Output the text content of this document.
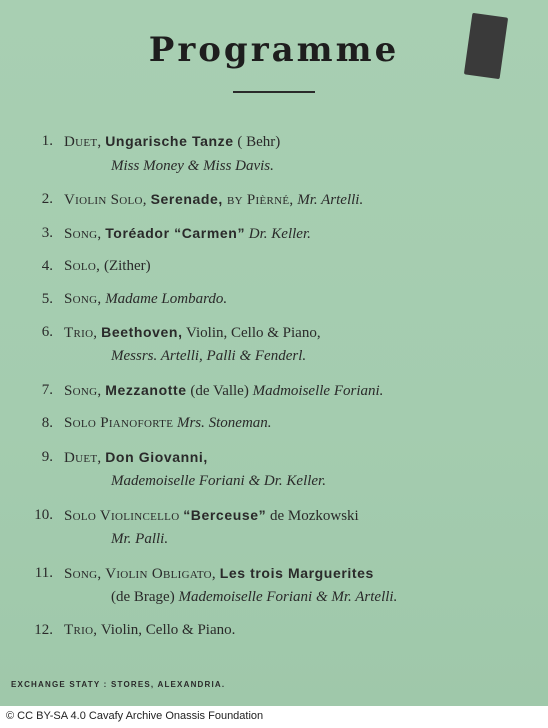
Programme
1. Duet, Ungarische Tanze ( Behr)
Miss Money & Miss Davis.
2. Violin Solo, Serenade, by Pièrné, Mr. Artelli.
3. Song, Toréador “Carmen” Dr. Keller.
4. Solo, (Zither)
5. Song, Madame Lombardo.
6. Trio, Beethoven, Violin, Cello & Piano,
Messrs. Artelli, Palli & Fenderl.
7. Song, Mezzanotte (de Valle) Madmoiselle Foriani.
8. Solo Pianoforte Mrs. Stoneman.
9. Duet, Don Giovanni,
Mademoiselle Foriani & Dr. Keller.
10. Solo Violincello “Berceuse” de Mozkowski
Mr. Palli.
11. Song, Violin Obligato, Les trois Marguerites
(de Brage) Mademoiselle Foriani & Mr. Artelli.
12. Trio, Violin, Cello & Piano.
EXCHANGE STATY : STORES, ALEXANDRIA.
© CC BY-SA 4.0 Cavafy Archive Onassis Foundation
